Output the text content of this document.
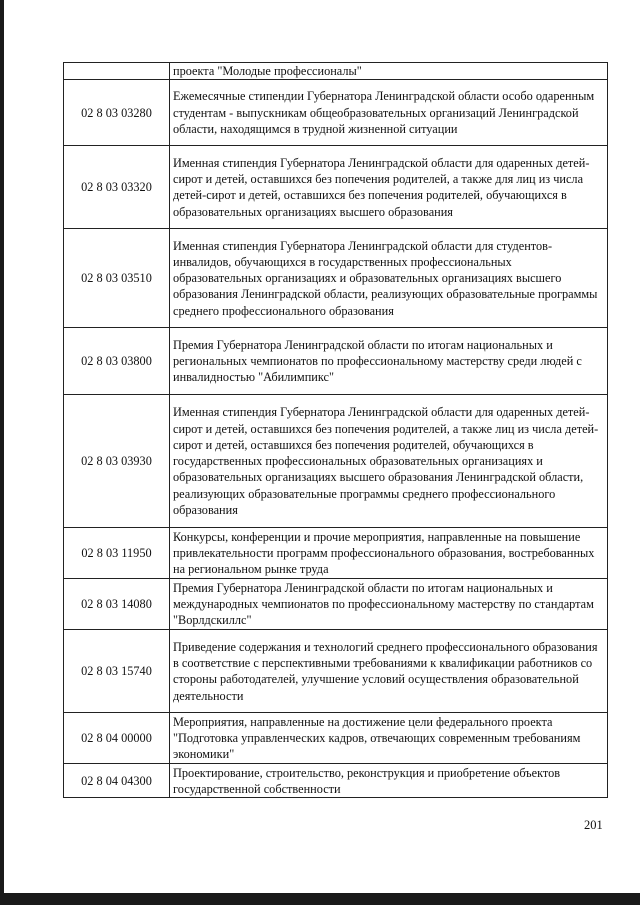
	проекта "Молодые профессионалы"
02 8 03 03280	Ежемесячные стипендии Губернатора Ленинградской области особо одаренным студентам - выпускникам общеобразовательных организаций Ленинградской области, находящимся в трудной жизненной ситуации
02 8 03 03320	Именная стипендия Губернатора Ленинградской области для одаренных детей-сирот и детей, оставшихся без попечения родителей, а также для лиц из числа детей-сирот и детей, оставшихся без попечения родителей, обучающихся в образовательных организациях высшего образования
02 8 03 03510	Именная стипендия Губернатора Ленинградской области для студентов-инвалидов, обучающихся в государственных профессиональных образовательных организациях и образовательных организациях высшего образования Ленинградской области, реализующих образовательные программы среднего профессионального образования
02 8 03 03800	Премия Губернатора Ленинградской области по итогам национальных и региональных чемпионатов по профессиональному мастерству среди людей с инвалидностью "Абилимпикс"
02 8 03 03930	Именная стипендия Губернатора Ленинградской области для одаренных детей-сирот и детей, оставшихся без попечения родителей, а также лиц из числа детей-сирот и детей, оставшихся без попечения родителей, обучающихся в государственных профессиональных образовательных организациях и образовательных организациях высшего образования Ленинградской области, реализующих образовательные программы среднего профессионального образования
02 8 03 11950	Конкурсы, конференции и прочие мероприятия, направленные на повышение привлекательности программ профессионального образования, востребованных на региональном рынке труда
02 8 03 14080	Премия Губернатора Ленинградской области по итогам национальных и международных чемпионатов по профессиональному мастерству по стандартам "Ворлдскиллс"
02 8 03 15740	Приведение содержания и технологий среднего профессионального образования в соответствие с перспективными требованиями к квалификации работников со стороны работодателей, улучшение условий осуществления образовательной деятельности
02 8 04 00000	Мероприятия, направленные на достижение цели федерального проекта "Подготовка управленческих кадров, отвечающих современным требованиям экономики"
02 8 04 04300	Проектирование, строительство, реконструкция и приобретение объектов государственной собственности
201
